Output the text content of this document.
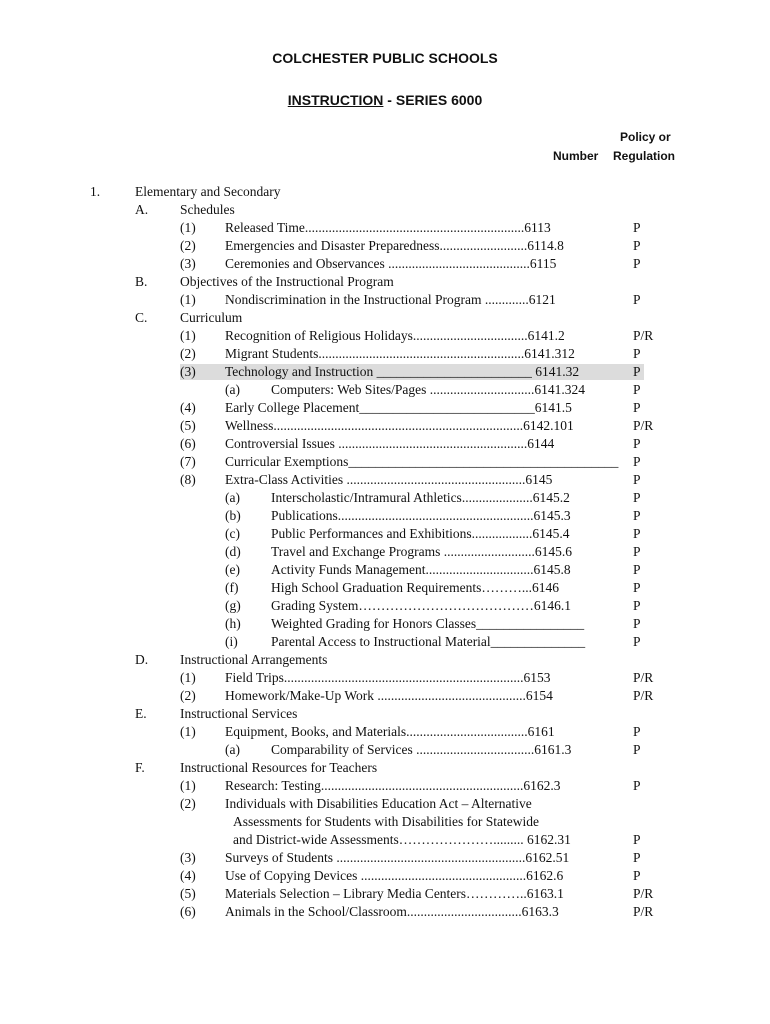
COLCHESTER PUBLIC SCHOOLS
INSTRUCTION - SERIES 6000
Policy or
Number Regulation
1.	Elementary and Secondary
A. Schedules
(1) Released Time.................................................................6113	P
(2) Emergencies and Disaster Preparedness..........................6114.8	P
(3) Ceremonies and Observances ..........................................6115	P
B. Objectives of the Instructional Program
(1) Nondiscrimination in the Instructional Program .............6121	P
C. Curriculum
(1) Recognition of Religious Holidays..................................6141.2	P/R
(2) Migrant Students.............................................................6141.312	P
(3) Technology and Instruction _______________________ 6141.32	P
(a) Computers: Web Sites/Pages ...............................6141.324	P
(4) Early College Placement__________________________6141.5	P
(5) Wellness..........................................................................6142.101	P/R
(6) Controversial Issues ........................................................6144	P
(7) Curricular Exemptions________________________________________ P
(8) Extra-Class Activities .....................................................6145	P
(a) Interscholastic/Intramural Athletics.....................6145.2	P
(b) Publications..........................................................6145.3	P
(c) Public Performances and Exhibitions..................6145.4	P
(d) Travel and Exchange Programs ...........................6145.6	P
(e) Activity Funds Management................................6145.8	P
(f) High School Graduation Requirements………...6146	P
(g) Grading System…………………………………6146.1	P
(h) Weighted Grading for Honors Classes________________	P
(i) Parental Access to Instructional Material______________	P
D. Instructional Arrangements
(1) Field Trips.......................................................................6153	P/R
(2) Homework/Make-Up Work ............................................6154	P/R
E. Instructional Services
(1) Equipment, Books, and Materials....................................6161	P
(a) Comparability of Services ...................................6161.3	P
F.	Instructional Resources for Teachers
(1) Research: Testing............................................................6162.3	P
(2) Individuals with Disabilities Education Act – Alternative
Assessments for Students with Disabilities for Statewide
and District-wide Assessments…………………......... 6162.31	P
(3) Surveys of Students ........................................................6162.51	P
(4) Use of Copying Devices .................................................6162.6	P
(5) Materials Selection – Library Media Centers…………..6163.1	P/R
(6) Animals in the School/Classroom..................................6163.3	P/R
